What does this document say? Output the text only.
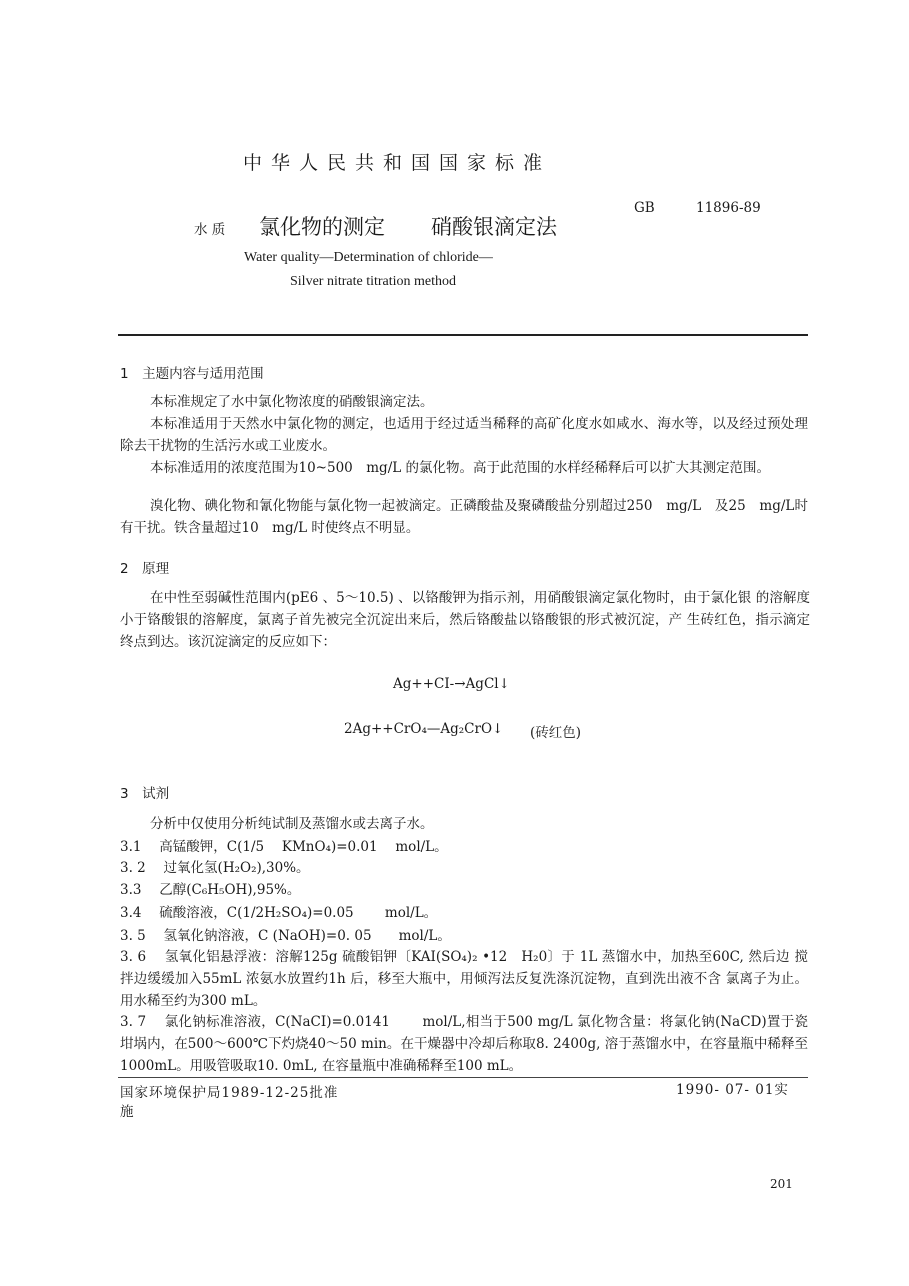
中华人民共和国国家标准
GB	11896-89
水 质 氯化物的测定 硝酸银滴定法
Water quality—Determination of chloride—
Silver nitrate titration method
1　主题内容与适用范围
本标准规定了水中氯化物浓度的硝酸银滴定法。
本标准适用于天然水中氯化物的测定，也适用于经过适当稀释的高矿化度水如咸水、海水等，以及经过预处理除去干扰物的生活污水或工业废水。
本标准适用的浓度范围为10~500　mg/L 的氯化物。高于此范围的水样经稀释后可以扩大其测定范围。
溴化物、碘化物和氰化物能与氯化物一起被滴定。正磷酸盐及聚磷酸盐分别超过250　mg/L　及25　mg/L时有干扰。铁含量超过10　mg/L 时使终点不明显。
2　原理
在中性至弱碱性范围内(pE6 、5～10.5) 、以铬酸钾为指示剂，用硝酸银滴定氯化物时，由于氯化银 的溶解度小于铬酸银的溶解度，氯离子首先被完全沉淀出来后，然后铬酸盐以铬酸银的形式被沉淀，产 生砖红色，指示滴定终点到达。该沉淀滴定的反应如下：
Ag++CI-→AgCl↓
2Ag++CrO₄—Ag₂CrO↓ (砖红色)
3　试剂
分析中仅使用分析纯试制及蒸馏水或去离子水。
3.1　 高锰酸钾，C(1/5　 KMnO₄)=0.01　 mol/L。
3. 2　 过氧化氢(H₂O₂),30%。
3.3　 乙醇(C₆H₅OH),95%。
3.4　 硫酸溶液，C(1/2H₂SO₄)=0.05　　 mol/L。
3. 5　 氢氧化钠溶液，C (NaOH)=0. 05　　mol/L。
3. 6　 氢氧化铝悬浮液：溶解125g 硫酸铝钾〔KAI(SO₄)₂ •12　H₂0〕于 1L 蒸馏水中，加热至60C, 然后边 搅拌边缓缓加入55mL 浓氨水放置约1h 后，移至大瓶中，用倾泻法反复洗涤沉淀物，直到洗出液不含 氯离子为止。用水稀至约为300 mL。
3. 7　 氯化钠标准溶液，C(NaCI)=0.0141　　 mol/L,相当于500 mg/L 氯化物含量：将氯化钠(NaCD)置于瓷坩埚内，在500～600℃下灼烧40～50 min。在干燥器中冷却后称取8. 2400g, 溶于蒸馏水中，在容量瓶中稀释至1000mL。用吸管吸取10. 0mL, 在容量瓶中准确稀释至100 mL。
国家环境保护局1989-12-25批准
施
1990- 07- 01实
201
